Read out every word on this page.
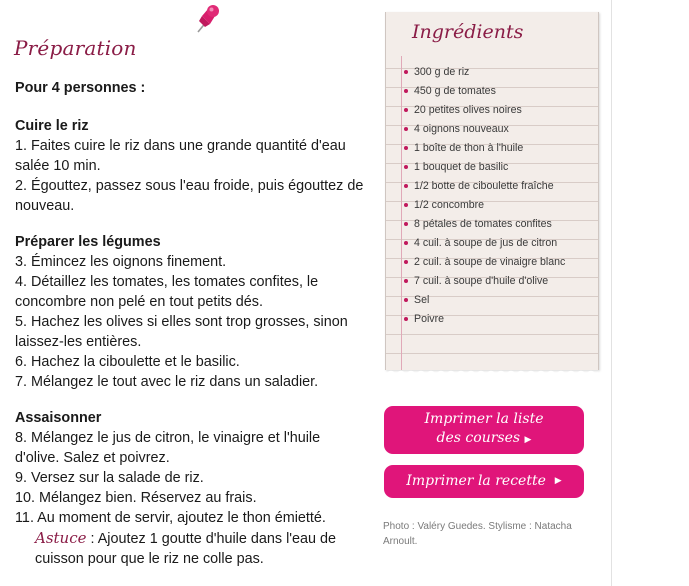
Préparation

Pour 4 personnes :

Cuire le riz

1. Faites cuire le riz dans une grande quantité d'eau salée 10 min.

2. Égouttez, passez sous l'eau froide, puis égouttez de nouveau.

Préparer les légumes

3. Émincez les oignons finement.

4. Détaillez les tomates, les tomates confites, le concombre non pelé en tout petits dés.

5. Hachez les olives si elles sont trop grosses, sinon laissez-les entières.

6. Hachez la ciboulette et le basilic.

7. Mélangez le tout avec le riz dans un saladier.

Assaisonner

8. Mélangez le jus de citron, le vinaigre et l'huile d'olive. Salez et poivrez.

9. Versez sur la salade de riz.

10. Mélangez bien. Réservez au frais.

11. Au moment de servir, ajoutez le thon émietté.

Astuce : Ajoutez 1 goutte d'huile dans l'eau de cuisson pour que le riz ne colle pas.

Ingrédients
300 g de riz
450 g de tomates
20 petites olives noires
4 oignons nouveaux
1 boîte de thon à l'huile
1 bouquet de basilic
1/2 botte de ciboulette fraîche
1/2 concombre
8 pétales de tomates confites
4 cuil. à soupe de jus de citron
2 cuil. à soupe de vinaigre blanc
7 cuil. à soupe d'huile d'olive
Sel
Poivre
Imprimer la liste
des courses ▶
Imprimer la recette
▶
Photo : Valéry Guedes. Stylisme : Natacha Arnoult.
